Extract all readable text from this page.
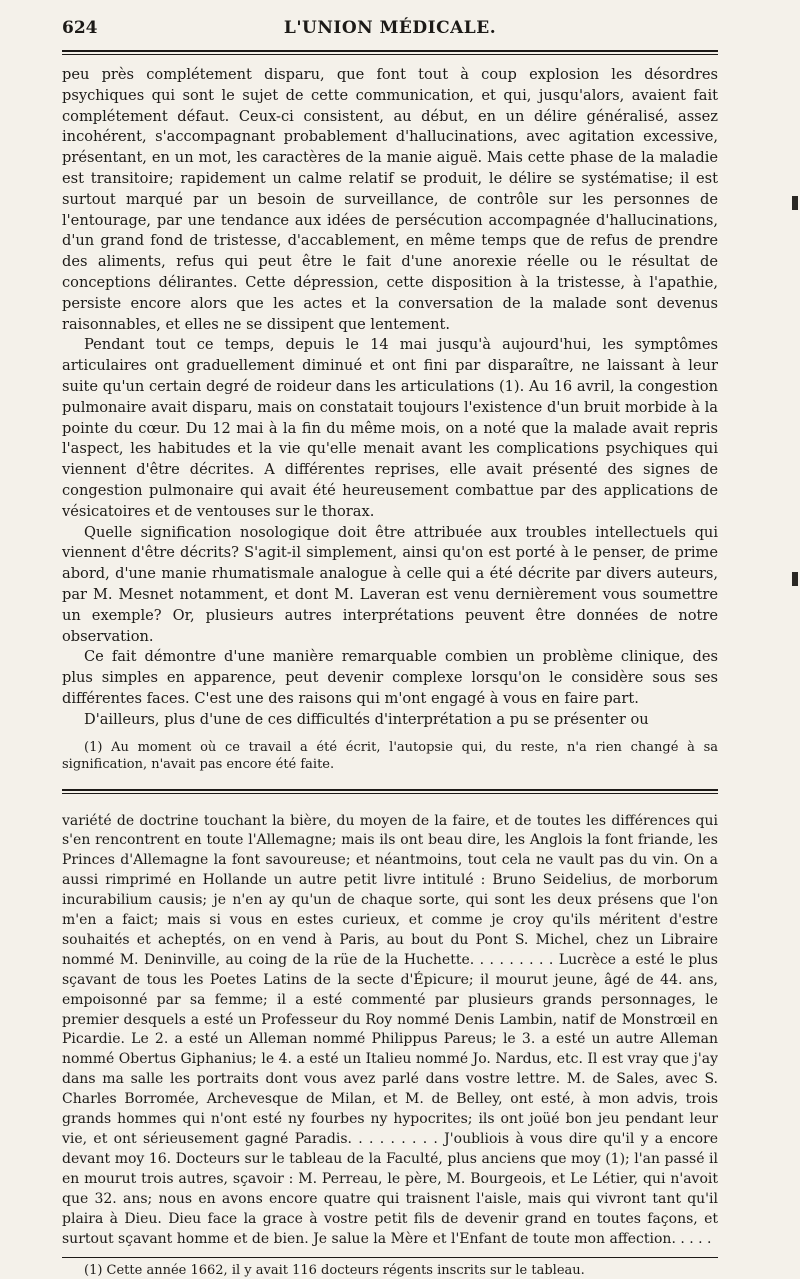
624	L'UNION MÉDICALE.

peu près complétement disparu, que font tout à coup explosion les désordres psychiques qui sont le sujet de cette communication, et qui, jusqu'alors, avaient fait complétement défaut. Ceux-ci consistent, au début, en un délire généralisé, assez incohérent, s'accompagnant probablement d'hallucinations, avec agitation excessive, présentant, en un mot, les caractères de la manie aiguë. Mais cette phase de la maladie est transitoire; rapidement un calme relatif se produit, le délire se systématise; il est surtout marqué par un besoin de surveillance, de contrôle sur les personnes de l'entourage, par une tendance aux idées de persécution accompagnée d'hallucinations, d'un grand fond de tristesse, d'accablement, en même temps que de refus de prendre des aliments, refus qui peut être le fait d'une anorexie réelle ou le résultat de conceptions délirantes. Cette dépression, cette disposition à la tristesse, à l'apathie, persiste encore alors que les actes et la conversation de la malade sont devenus raisonnables, et elles ne se dissipent que lentement.

Pendant tout ce temps, depuis le 14 mai jusqu'à aujourd'hui, les symptômes articulaires ont graduellement diminué et ont fini par disparaître, ne laissant à leur suite qu'un certain degré de roideur dans les articulations (1). Au 16 avril, la congestion pulmonaire avait disparu, mais on constatait toujours l'existence d'un bruit morbide à la pointe du cœur. Du 12 mai à la fin du même mois, on a noté que la malade avait repris l'aspect, les habitudes et la vie qu'elle menait avant les complications psychiques qui viennent d'être décrites. A différentes reprises, elle avait présenté des signes de congestion pulmonaire qui avait été heureusement combattue par des applications de vésicatoires et de ventouses sur le thorax.

Quelle signification nosologique doit être attribuée aux troubles intellectuels qui viennent d'être décrits? S'agit-il simplement, ainsi qu'on est porté à le penser, de prime abord, d'une manie rhumatismale analogue à celle qui a été décrite par divers auteurs, par M. Mesnet notamment, et dont M. Laveran est venu dernièrement vous soumettre un exemple? Or, plusieurs autres interprétations peuvent être données de notre observation.

Ce fait démontre d'une manière remarquable combien un problème clinique, des plus simples en apparence, peut devenir complexe lorsqu'on le considère sous ses différentes faces. C'est une des raisons qui m'ont engagé à vous en faire part.

D'ailleurs, plus d'une de ces difficultés d'interprétation a pu se présenter ou

(1) Au moment où ce travail a été écrit, l'autopsie qui, du reste, n'a rien changé à sa signification, n'avait pas encore été faite.

variété de doctrine touchant la bière, du moyen de la faire, et de toutes les différences qui s'en rencontrent en toute l'Allemagne; mais ils ont beau dire, les Anglois la font friande, les Princes d'Allemagne la font savoureuse; et néantmoins, tout cela ne vault pas du vin. On a aussi rimprimé en Hollande un autre petit livre intitulé : Bruno Seidelius, de morborum incurabilium causis; je n'en ay qu'un de chaque sorte, qui sont les deux présens que l'on m'en a faict; mais si vous en estes curieux, et comme je croy qu'ils méritent d'estre souhaités et acheptés, on en vend à Paris, au bout du Pont S. Michel, chez un Libraire nommé M. Deninville, au coing de la rüe de la Huchette. . . . . . . . . Lucrèce a esté le plus sçavant de tous les Poetes Latins de la secte d'Épicure; il mourut jeune, âgé de 44. ans, empoisonné par sa femme; il a esté commenté par plusieurs grands personnages, le premier desquels a esté un Professeur du Roy nommé Denis Lambin, natif de Monstrœil en Picardie. Le 2. a esté un Alleman nommé Philippus Pareus; le 3. a esté un autre Alleman nommé Obertus Giphanius; le 4. a esté un Italieu nommé Jo. Nardus, etc. Il est vray que j'ay dans ma salle les portraits dont vous avez parlé dans vostre lettre. M. de Sales, avec S. Charles Borromée, Archevesque de Milan, et M. de Belley, ont esté, à mon advis, trois grands hommes qui n'ont esté ny fourbes ny hypocrites; ils ont joüé bon jeu pendant leur vie, et ont sérieusement gagné Paradis. . . . . . . . . J'oubliois à vous dire qu'il y a encore devant moy 16. Docteurs sur le tableau de la Faculté, plus anciens que moy (1); l'an passé il en mourut trois autres, sçavoir : M. Perreau, le père, M. Bourgeois, et Le Létier, qui n'avoit que 32. ans; nous en avons encore quatre qui traisnent l'aisle, mais qui vivront tant qu'il plaira à Dieu. Dieu face la grace à vostre petit fils de devenir grand en toutes façons, et surtout sçavant homme et de bien. Je salue la Mère et l'Enfant de toute mon affection. . . . .

(1) Cette année 1662, il y avait 116 docteurs régents inscrits sur le tableau.
